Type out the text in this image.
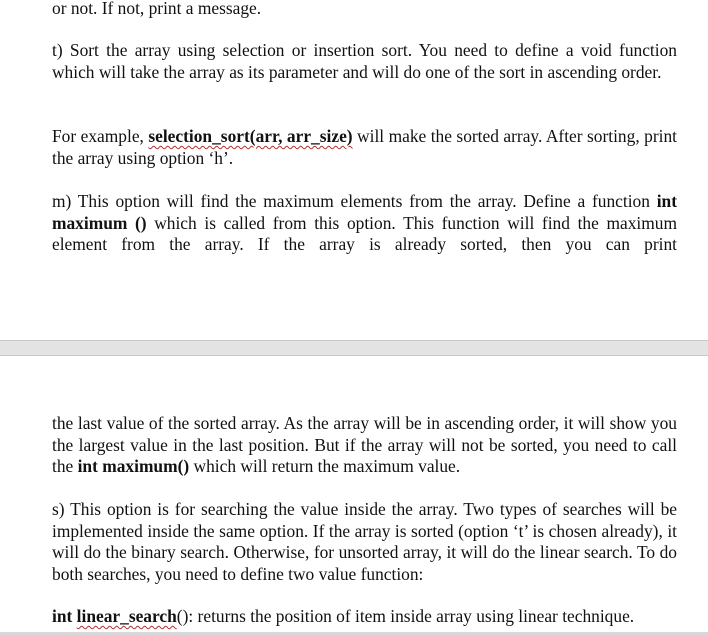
or not. If not, print a message.

t) Sort the array using selection or insertion sort. You need to define a void function which will take the array as its parameter and will do one of the sort in ascending order.

For example, selection_sort(arr, arr_size) will make the sorted array. After sorting, print the array using option ‘h’.

m) This option will find the maximum elements from the array. Define a function int maximum () which is called from this option. This function will find the maximum element from the array. If the array is already sorted, then you can print

the last value of the sorted array. As the array will be in ascending order, it will show you the largest value in the last position. But if the array will not be sorted, you need to call the int maximum() which will return the maximum value.

s) This option is for searching the value inside the array. Two types of searches will be implemented inside the same option. If the array is sorted (option ‘t’ is chosen already), it will do the binary search. Otherwise, for unsorted array, it will do the linear search. To do both searches, you need to define two value function:

int linear_search(): returns the position of item inside array using linear technique.
